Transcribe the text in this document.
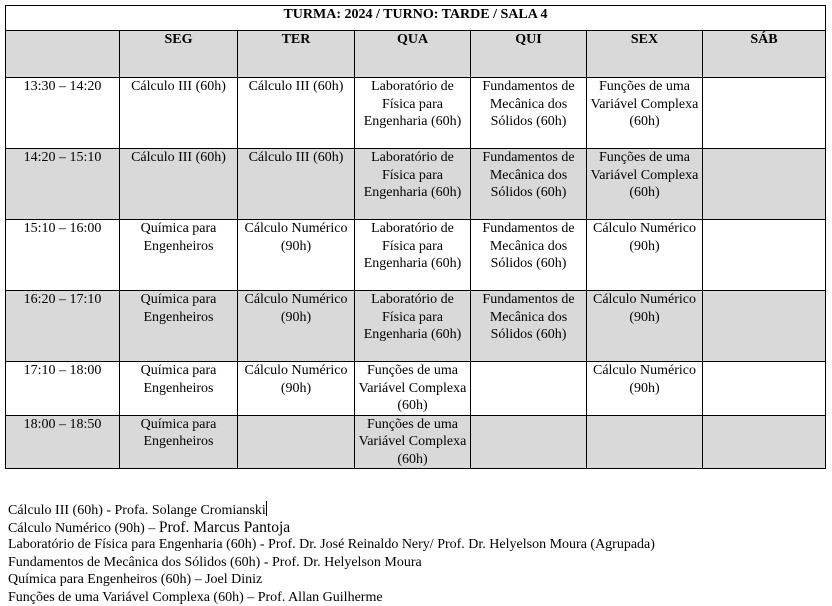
TURMA: 2024 / TURNO: TARDE / SALA 4						
	SEG	TER	QUA	QUI	SEX	SÁB
13:30 – 14:20	Cálculo III (60h)	Cálculo III (60h)	Laboratório de Física para Engenharia (60h)	Fundamentos de Mecânica dos Sólidos (60h)	Funções de uma Variável Complexa (60h)	
14:20 – 15:10	Cálculo III (60h)	Cálculo III (60h)	Laboratório de Física para Engenharia (60h)	Fundamentos de Mecânica dos Sólidos (60h)	Funções de uma Variável Complexa (60h)	
15:10 – 16:00	Química para Engenheiros	Cálculo Numérico (90h)	Laboratório de Física para Engenharia (60h)	Fundamentos de Mecânica dos Sólidos (60h)	Cálculo Numérico (90h)	
16:20 – 17:10	Química para Engenheiros	Cálculo Numérico (90h)	Laboratório de Física para Engenharia (60h)	Fundamentos de Mecânica dos Sólidos (60h)	Cálculo Numérico (90h)	
17:10 – 18:00	Química para Engenheiros	Cálculo Numérico (90h)	Funções de uma Variável Complexa (60h)		Cálculo Numérico (90h)	
18:00 – 18:50	Química para Engenheiros		Funções de uma Variável Complexa (60h)			
Cálculo III (60h) - Profa. Solange Cromianski
Cálculo Numérico (90h) – Prof. Marcus Pantoja
Laboratório de Física para Engenharia (60h) - Prof. Dr. José Reinaldo Nery/ Prof. Dr. Helyelson Moura (Agrupada)
Fundamentos de Mecânica dos Sólidos (60h) - Prof. Dr. Helyelson Moura
Química para Engenheiros (60h) – Joel Diniz
Funções de uma Variável Complexa (60h) – Prof. Allan Guilherme
